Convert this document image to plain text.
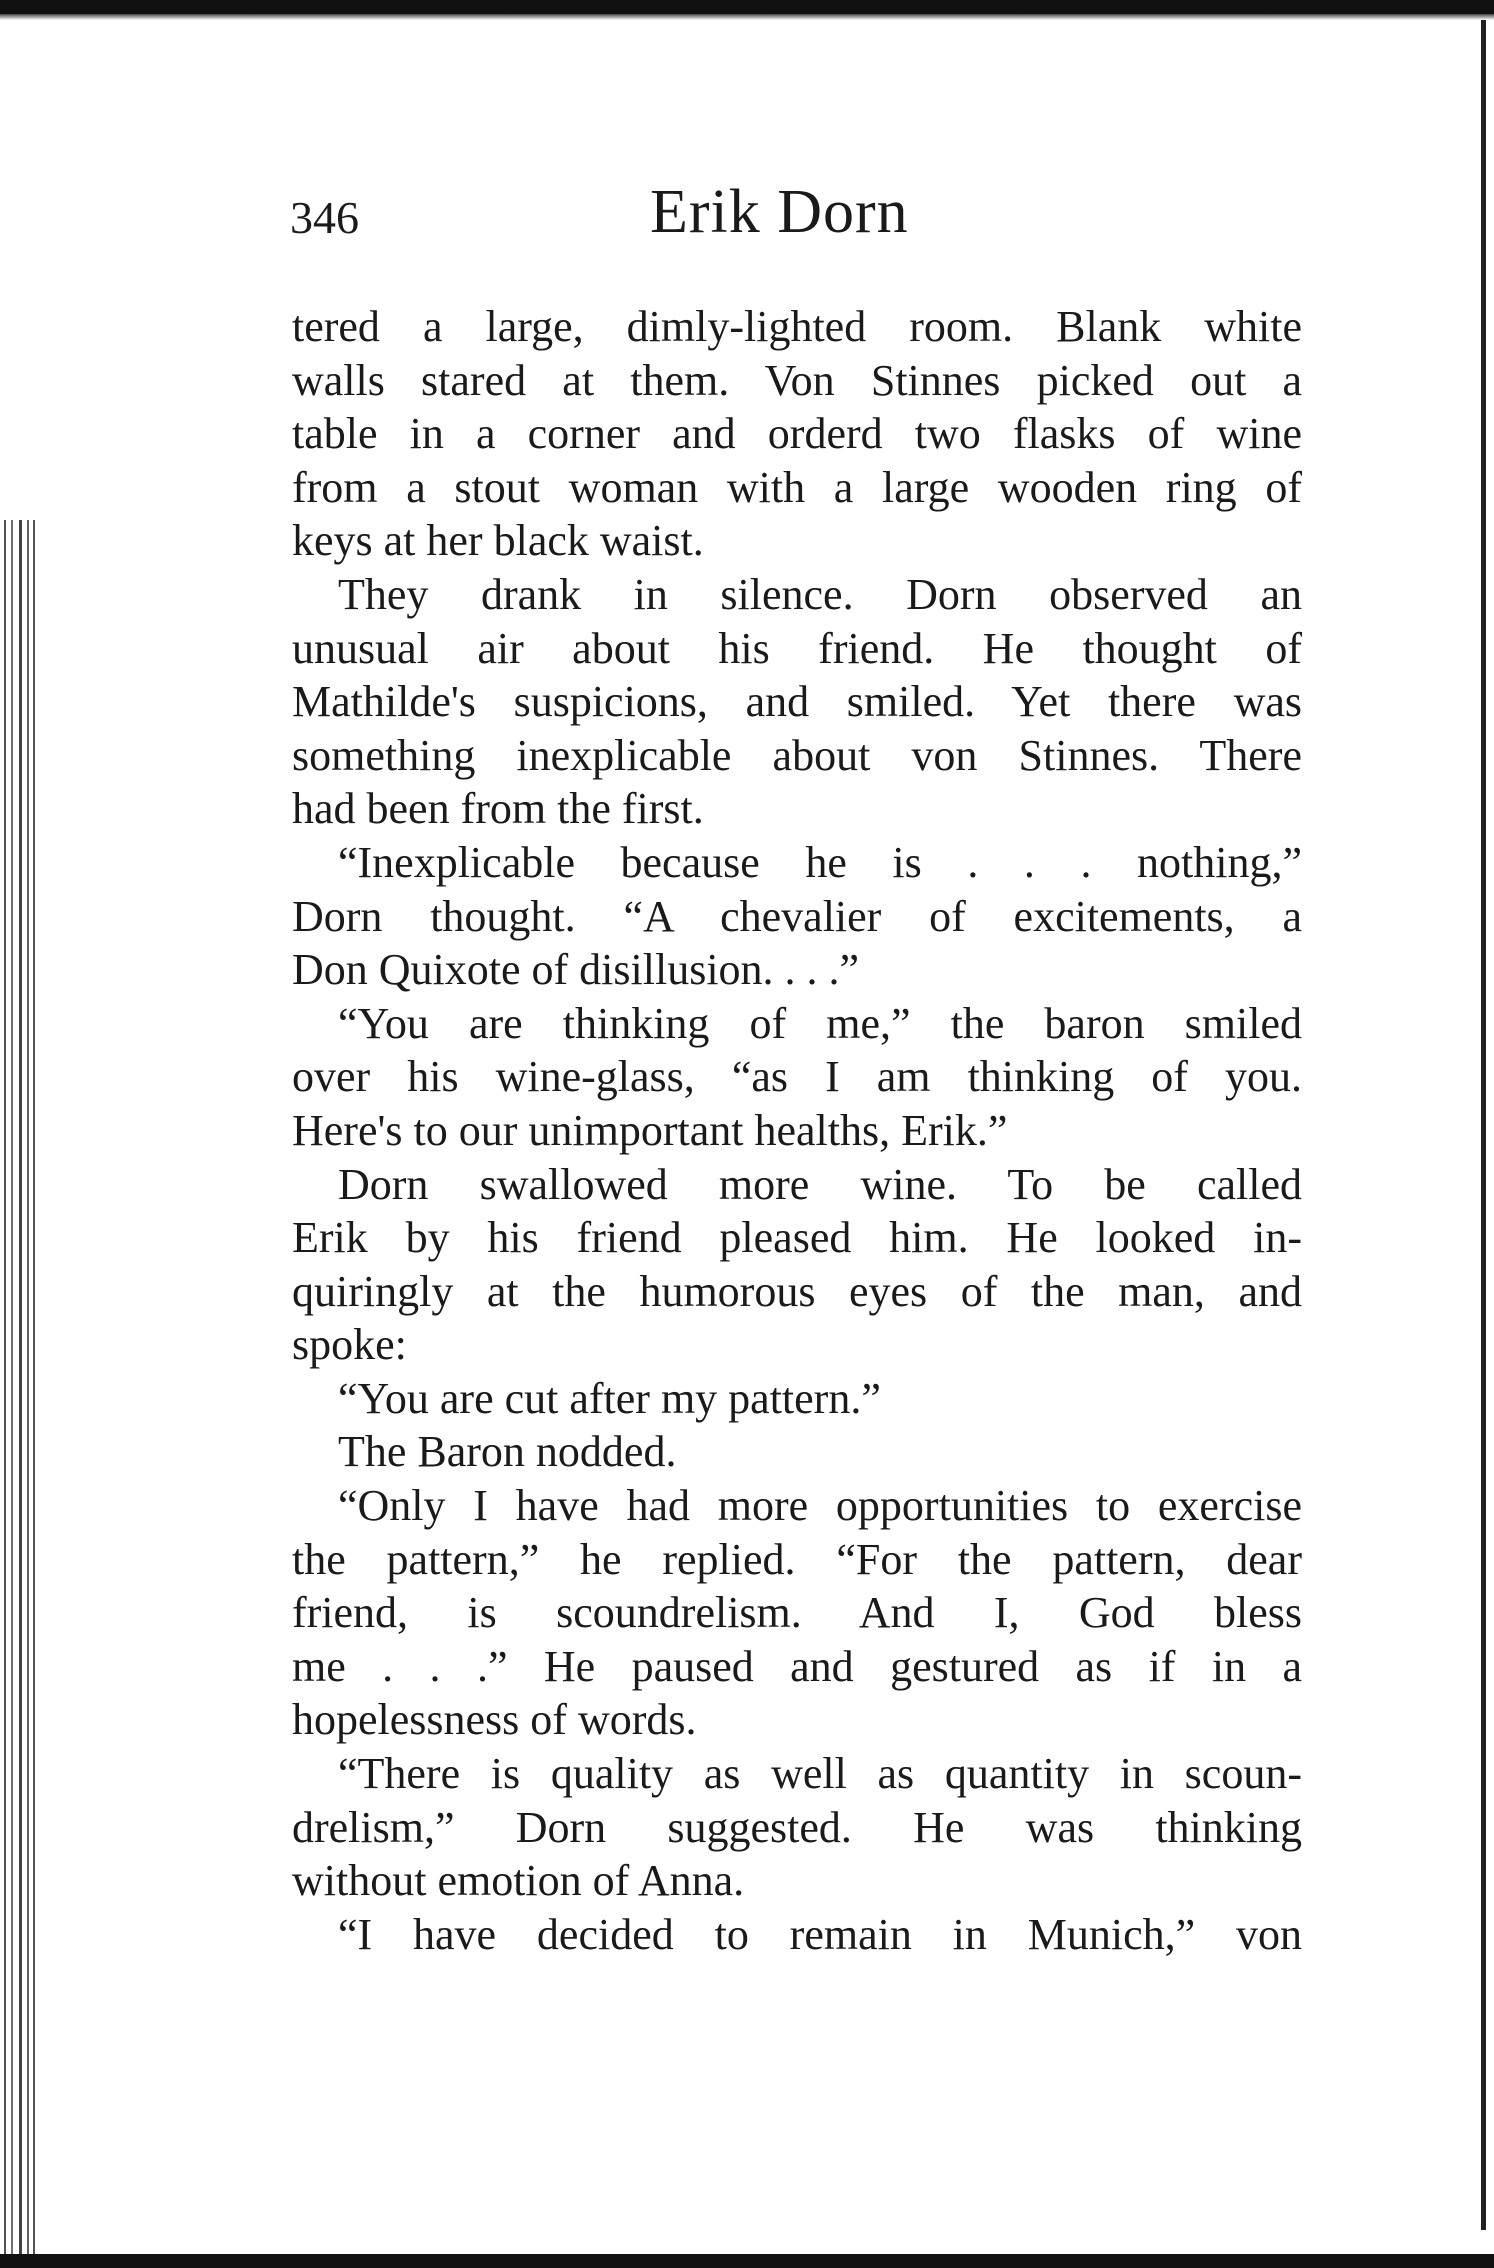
346	Erik Dorn
tered a large, dimly-lighted room. Blank white
walls stared at them. Von Stinnes picked out a
table in a corner and orderd two flasks of wine
from a stout woman with a large wooden ring of
keys at her black waist.
They drank in silence. Dorn observed an
unusual air about his friend. He thought of
Mathilde's suspicions, and smiled. Yet there was
something inexplicable about von Stinnes. There
had been from the first.
“Inexplicable because he is . . . nothing,”
Dorn thought. “A chevalier of excitements, a
Don Quixote of disillusion. . . .”
“You are thinking of me,” the baron smiled
over his wine-glass, “as I am thinking of you.
Here's to our unimportant healths, Erik.”
Dorn swallowed more wine. To be called
Erik by his friend pleased him. He looked in-
quiringly at the humorous eyes of the man, and
spoke:
“You are cut after my pattern.”
The Baron nodded.
“Only I have had more opportunities to exercise
the pattern,” he replied. “For the pattern, dear
friend, is scoundrelism. And I, God bless
me . . .” He paused and gestured as if in a
hopelessness of words.
“There is quality as well as quantity in scoun-
drelism,” Dorn suggested. He was thinking
without emotion of Anna.
“I have decided to remain in Munich,” von
